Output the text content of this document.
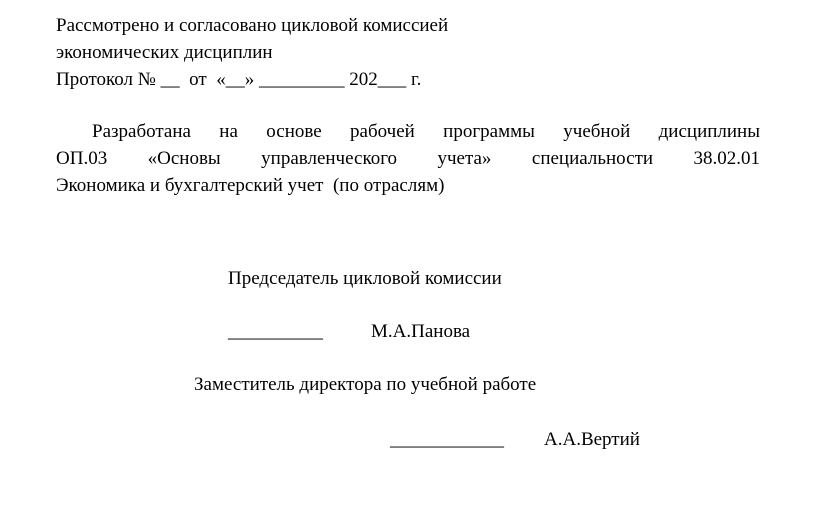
Рассмотрено и согласовано цикловой комиссией
экономических дисциплин
Протокол № __  от  «__» _________ 202___ г.

Разработана на основе рабочей программы учебной дисциплины

ОП.03  «Основы  управленческого  учета»  специальности  38.02.01

Экономика и бухгалтерский учет  (по отраслям)

Председатель цикловой комиссии
__________	М.А.Панова
Заместитель директора по учебной работе
____________ А.А.Вертий
